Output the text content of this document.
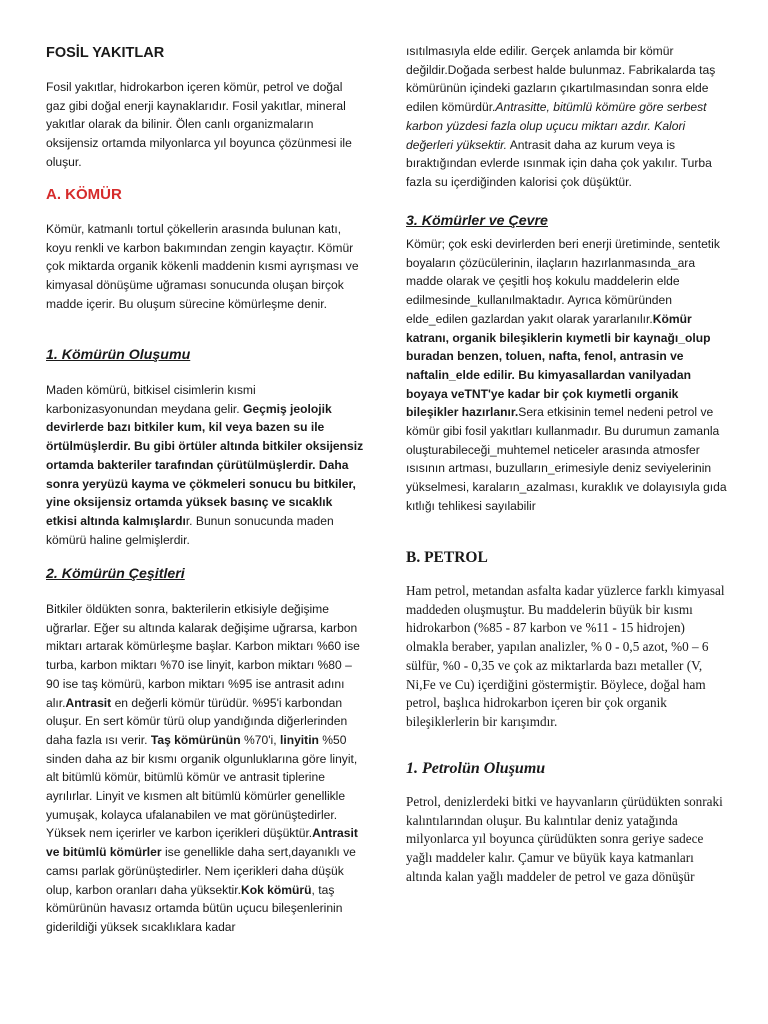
FOSİL YAKITLAR

Fosil yakıtlar, hidrokarbon içeren kömür, petrol ve doğal gaz gibi doğal enerji kaynaklarıdır. Fosil yakıtlar, mineral yakıtlar olarak da bilinir. Ölen canlı organizmaların oksijensiz ortamda milyonlarca yıl boyunca çözünmesi ile oluşur.

A. KÖMÜR

Kömür, katmanlı tortul çökellerin arasında bulunan katı, koyu renkli ve karbon bakımından zengin kayaçtır. Kömür çok miktarda organik kökenli maddenin kısmi ayrışması ve kimyasal dönüşüme uğraması sonucunda oluşan birçok madde içerir. Bu oluşum sürecine kömürleşme denir.

1. Kömürün Oluşumu

Maden kömürü, bitkisel cisimlerin kısmi karbonizasyonundan meydana gelir. Geçmiş jeolojik devirlerde bazı bitkiler kum, kil veya bazen su ile örtülmüşlerdir. Bu gibi örtüler altında bitkiler oksijensiz ortamda bakteriler tarafından çürütülmüşlerdir. Daha sonra yeryüzü kayma ve çökmeleri sonucu bu bitkiler, yine oksijensiz ortamda yüksek basınç ve sıcaklık etkisi altında kalmışlardır. Bunun sonucunda maden kömürü haline gelmişlerdir.

2. Kömürün Çeşitleri

Bitkiler öldükten sonra, bakterilerin etkisiyle değişime uğrarlar. Eğer su altında kalarak değişime uğrarsa, karbon miktarı artarak kömürleşme başlar. Karbon miktarı %60 ise turba, karbon miktarı %70 ise linyit, karbon miktarı %80 – 90 ise taş kömürü, karbon miktarı %95 ise antrasit adını alır.Antrasit en değerli kömür türüdür. %95'i karbondan oluşur. En sert kömür türü olup yandığında diğerlerinden daha fazla ısı verir. Taş kömürünün %70'i, linyitin %50 sinden daha az bir kısmı organik olgunluklarına göre linyit, alt bitümlü kömür, bitümlü kömür ve antrasit tiplerine ayrılırlar. Linyit ve kısmen alt bitümlü kömürler genellikle yumuşak, kolayca ufalanabilen ve mat görünüştedirler. Yüksek nem içerirler ve karbon içerikleri düşüktür.Antrasit ve bitümlü kömürler ise genellikle daha sert,dayanıklı ve camsı parlak görünüştedirler. Nem içerikleri daha düşük olup, karbon oranları daha yüksektir.Kok kömürü, taş kömürünün havasız ortamda bütün uçucu bileşenlerinin giderildiği yüksek sıcaklıklara kadar

ısıtılmasıyla elde edilir. Gerçek anlamda bir kömür değildir.Doğada serbest halde bulunmaz. Fabrikalarda taş kömürünün içindeki gazların çıkartılmasından sonra elde edilen kömürdür.Antrasitte, bitümlü kömüre göre serbest karbon yüzdesi fazla olup uçucu miktarı azdır. Kalori değerleri yüksektir. Antrasit daha az kurum veya is bıraktığından evlerde ısınmak için daha çok yakılır. Turba fazla su içerdiğinden kalorisi çok düşüktür.

3. Kömürler ve Çevre

Kömür; çok eski devirlerden beri enerji üretiminde, sentetik boyaların çözücülerinin, ilaçların hazırlanmasında_ara madde olarak ve çeşitli hoş kokulu maddelerin elde edilmesinde_kullanılmaktadır. Ayrıca kömüründen elde_edilen gazlardan yakıt olarak yararlanılır.Kömür katranı, organik bileşiklerin kıymetli bir kaynağı_olup buradan benzen, toluen, nafta, fenol, antrasin ve naftalin_elde edilir. Bu kimyasallardan vanilyadan boyaya veTNT'ye kadar bir çok kıymetli organik bileşikler hazırlanır.Sera etkisinin temel nedeni petrol ve kömür gibi fosil yakıtları kullanmadır. Bu durumun zamanla oluşturabileceği_muhtemel neticeler arasında atmosfer ısısının artması, buzulların_erimesiyle deniz seviyelerinin yükselmesi, karaların_azalması, kuraklık ve dolayısıyla gıda kıtlığı tehlikesi sayılabilir

B. PETROL

Ham petrol, metandan asfalta kadar yüzlerce farklı kimyasal maddeden oluşmuştur. Bu maddelerin büyük bir kısmı hidrokarbon (%85 - 87 karbon ve %11 - 15 hidrojen) olmakla beraber, yapılan analizler, % 0 - 0,5 azot, %0 – 6 sülfür, %0 - 0,35 ve çok az miktarlarda bazı metaller (V, Ni,Fe ve Cu) içerdiğini göstermiştir. Böylece, doğal ham petrol, başlıca hidrokarbon içeren bir çok organik bileşiklerlerin bir karışımdır.

1. Petrolün Oluşumu

Petrol, denizlerdeki bitki ve hayvanların çürüdükten sonraki kalıntılarından oluşur. Bu kalıntılar deniz yatağında milyonlarca yıl boyunca çürüdükten sonra geriye sadece yağlı maddeler kalır. Çamur ve büyük kaya katmanları altında kalan yağlı maddeler de petrol ve gaza dönüşür
